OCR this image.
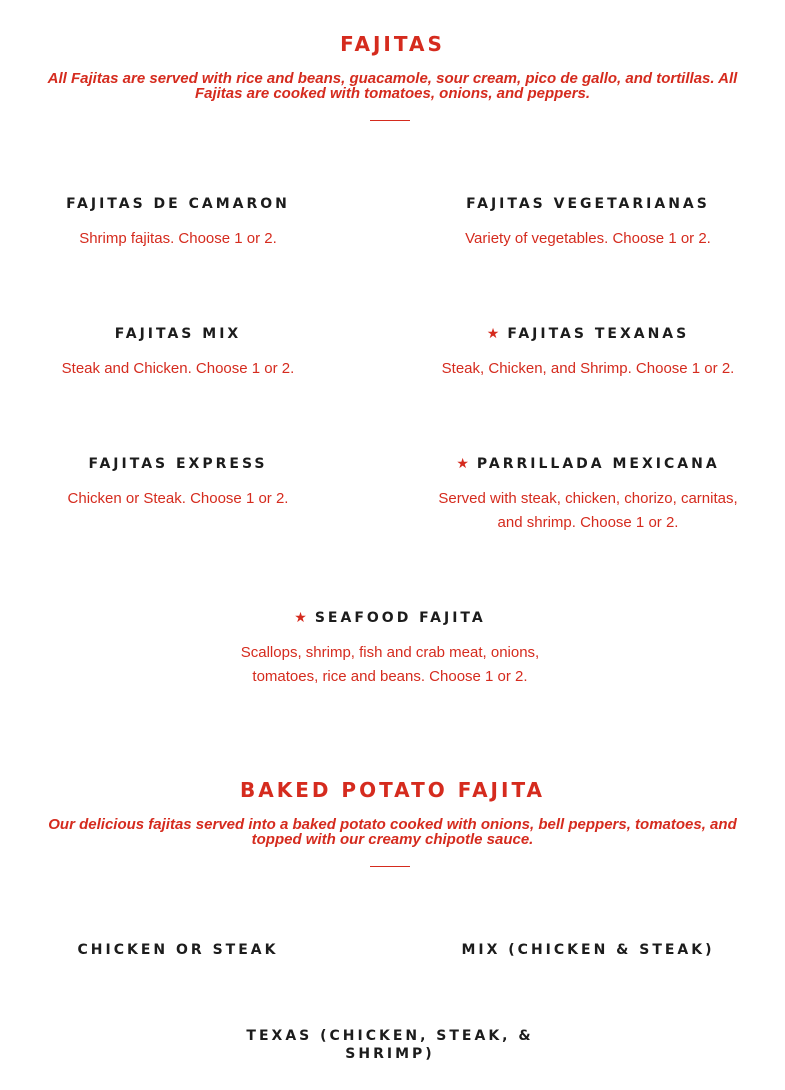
FAJITAS
All Fajitas are served with rice and beans, guacamole, sour cream, pico de gallo, and tortillas. All Fajitas are cooked with tomatoes, onions, and peppers.
FAJITAS DE CAMARON
Shrimp fajitas. Choose 1 or 2.
FAJITAS VEGETARIANAS
Variety of vegetables. Choose 1 or 2.
FAJITAS MIX
Steak and Chicken. Choose 1 or 2.
★ FAJITAS TEXANAS
Steak, Chicken, and Shrimp. Choose 1 or 2.
FAJITAS EXPRESS
Chicken or Steak. Choose 1 or 2.
★ PARRILLADA MEXICANA
Served with steak, chicken, chorizo, carnitas, and shrimp. Choose 1 or 2.
★ SEAFOOD FAJITA
Scallops, shrimp, fish and crab meat, onions, tomatoes, rice and beans. Choose 1 or 2.
BAKED POTATO FAJITA
Our delicious fajitas served into a baked potato cooked with onions, bell peppers, tomatoes, and topped with our creamy chipotle sauce.
CHICKEN OR STEAK	MIX (CHICKEN & STEAK)
TEXAS (CHICKEN, STEAK, & SHRIMP)
